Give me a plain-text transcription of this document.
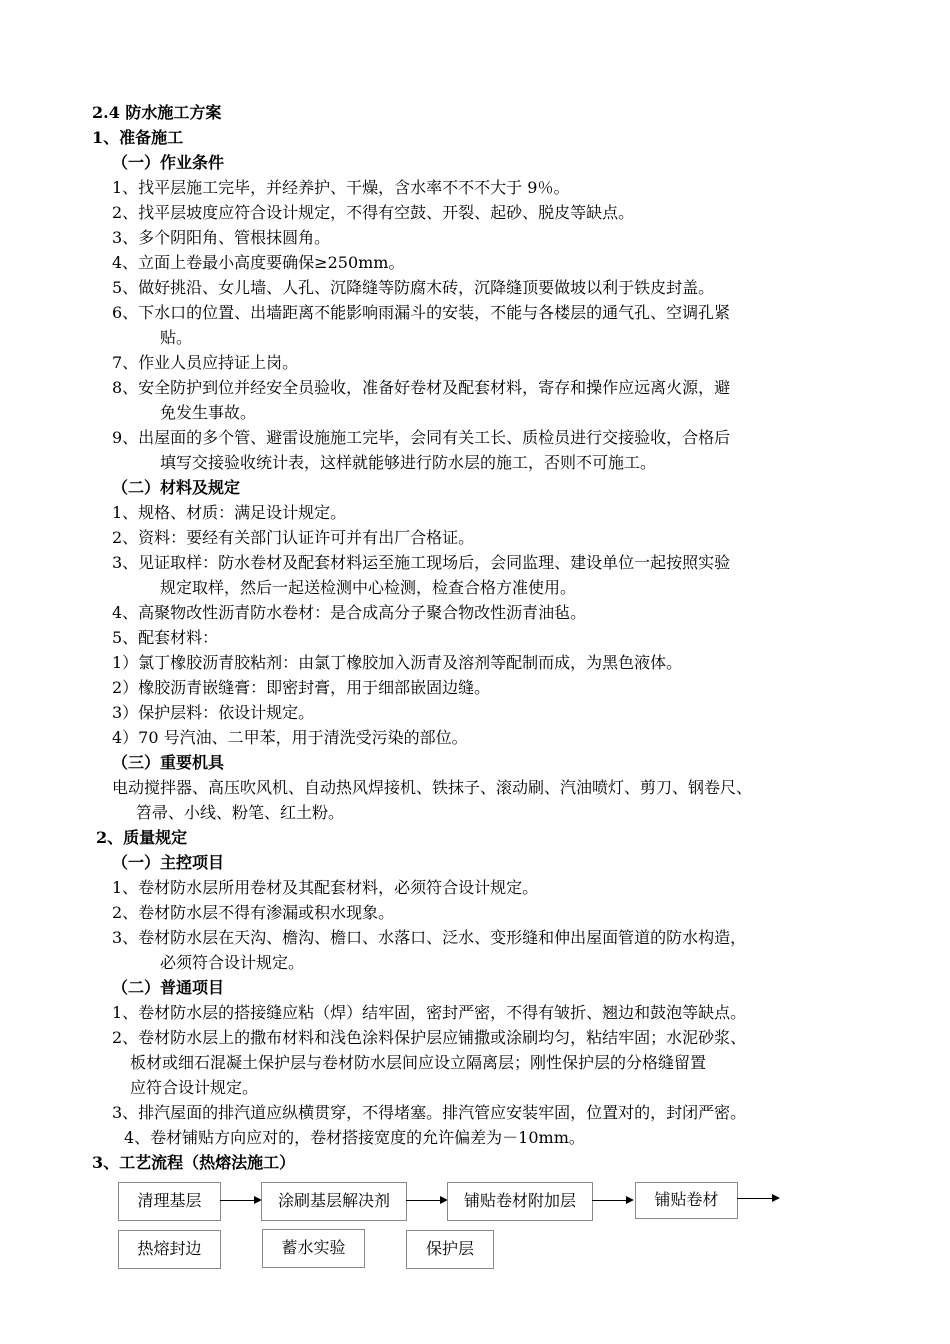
2.4 防水施工方案
1、准备施工
（一）作业条件
1、找平层施工完毕，并经养护、干燥，含水率不不不大于 9％。
2、找平层坡度应符合设计规定，不得有空鼓、开裂、起砂、脱皮等缺点。
3、多个阴阳角、管根抹圆角。
4、立面上卷最小高度要确保≥250mm。
5、做好挑沿、女儿墙、人孔、沉降缝等防腐木砖，沉降缝顶要做坡以利于铁皮封盖。
6、下水口的位置、出墙距离不能影响雨漏斗的安装，不能与各楼层的通气孔、空调孔紧
贴。
7、作业人员应持证上岗。
8、安全防护到位并经安全员验收，准备好卷材及配套材料，寄存和操作应远离火源，避
免发生事故。
9、出屋面的多个管、避雷设施施工完毕，会同有关工长、质检员进行交接验收，合格后
填写交接验收统计表，这样就能够进行防水层的施工，否则不可施工。
（二）材料及规定
1、规格、材质：满足设计规定。
2、资料：要经有关部门认证许可并有出厂合格证。
3、见证取样：防水卷材及配套材料运至施工现场后，会同监理、建设单位一起按照实验
规定取样，然后一起送检测中心检测，检查合格方准使用。
4、高聚物改性沥青防水卷材：是合成高分子聚合物改性沥青油毡。
5、配套材料：
1）氯丁橡胶沥青胶粘剂：由氯丁橡胶加入沥青及溶剂等配制而成，为黑色液体。
2）橡胶沥青嵌缝膏：即密封膏，用于细部嵌固边缝。
3）保护层料：依设计规定。
4）70 号汽油、二甲苯，用于清洗受污染的部位。
（三）重要机具
电动搅拌器、高压吹风机、自动热风焊接机、铁抹子、滚动刷、汽油喷灯、剪刀、钢卷尺、
笤帚、小线、粉笔、红土粉。
2、质量规定
（一）主控项目
1、卷材防水层所用卷材及其配套材料，必须符合设计规定。
2、卷材防水层不得有渗漏或积水现象。
3、卷材防水层在天沟、檐沟、檐口、水落口、泛水、变形缝和伸出屋面管道的防水构造，
必须符合设计规定。
（二）普通项目
1、卷材防水层的搭接缝应粘（焊）结牢固，密封严密，不得有皱折、翘边和鼓泡等缺点。
2、卷材防水层上的撒布材料和浅色涂料保护层应铺撒或涂刷均匀，粘结牢固；水泥砂浆、
板材或细石混凝土保护层与卷材防水层间应设立隔离层；刚性保护层的分格缝留置
应符合设计规定。
3、排汽屋面的排汽道应纵横贯穿，不得堵塞。排汽管应安装牢固，位置对的，封闭严密。
4、卷材铺贴方向应对的，卷材搭接宽度的允许偏差为－10mm。
3、工艺流程（热熔法施工）
清理基层	涂刷基层解决剂	铺贴卷材附加层	铺贴卷材
热熔封边	蓄水实验	保护层
